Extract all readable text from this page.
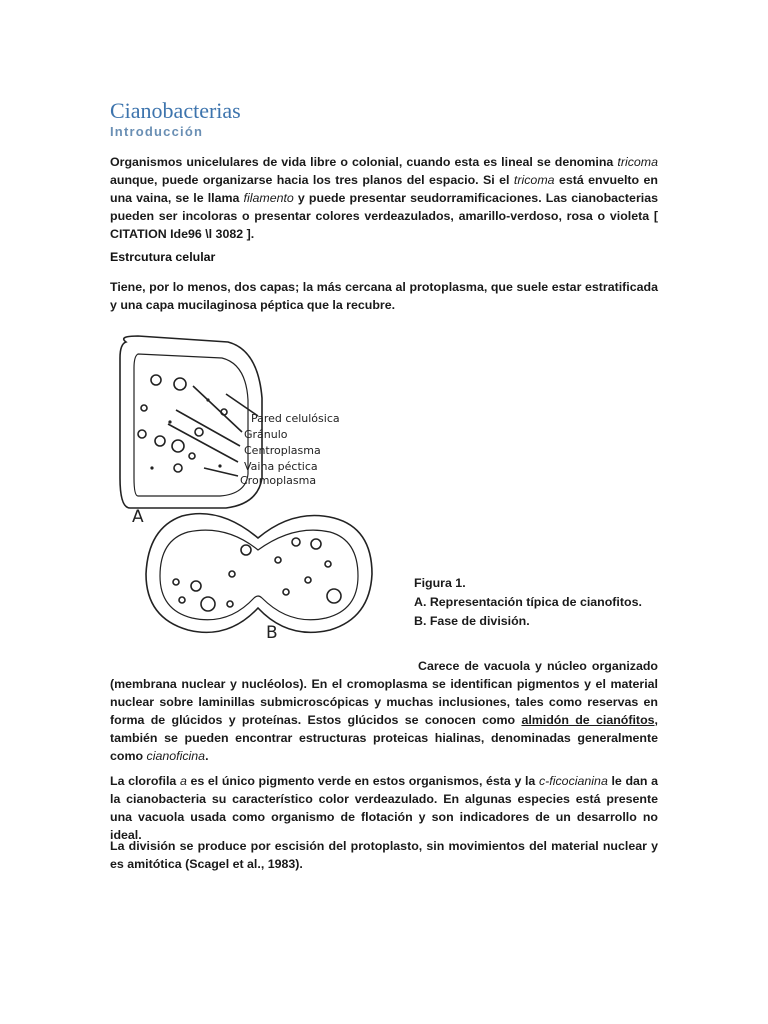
Cianobacterias
Introducción

Organismos unicelulares de vida libre o colonial, cuando esta es lineal se denomina tricoma aunque, puede organizarse hacia los tres planos del espacio. Si el tricoma está envuelto en una vaina, se le llama filamento y puede presentar seudorramificaciones. Las cianobacterias pueden ser incoloras o presentar colores verdeazulados, amarillo-verdoso, rosa o violeta [ CITATION Ide96 \l 3082 ].

Estrcutura celular

Tiene, por lo menos, dos capas; la más cercana al protoplasma, que suele estar estratificada y una capa mucilaginosa péptica que la recubre.

Pared celulósica
Gránulo
Centroplasma
Vaina péctica
Cromoplasma
A
B
Figura 1.
A. Representación típica de cianofitos.
B. Fase de división.

Carece de vacuola y núcleo organizado (membrana nuclear y nucléolos). En el cromoplasma se identifican pigmentos y el material nuclear sobre laminillas submicroscópicas y muchas inclusiones, tales como reservas en forma de glúcidos y proteínas. Estos glúcidos se conocen como almidón de cianófitos, también se pueden encontrar estructuras proteicas hialinas, denominadas generalmente como cianoficina.

La clorofila a es el único pigmento verde en estos organismos, ésta y la c-ficocianina le dan a la cianobacteria su característico color verdeazulado. En algunas especies está presente una vacuola usada como organismo de flotación y son indicadores de un desarrollo no ideal.

La división se produce por escisión del protoplasto, sin movimientos del material nuclear y es amitótica (Scagel et al., 1983).
